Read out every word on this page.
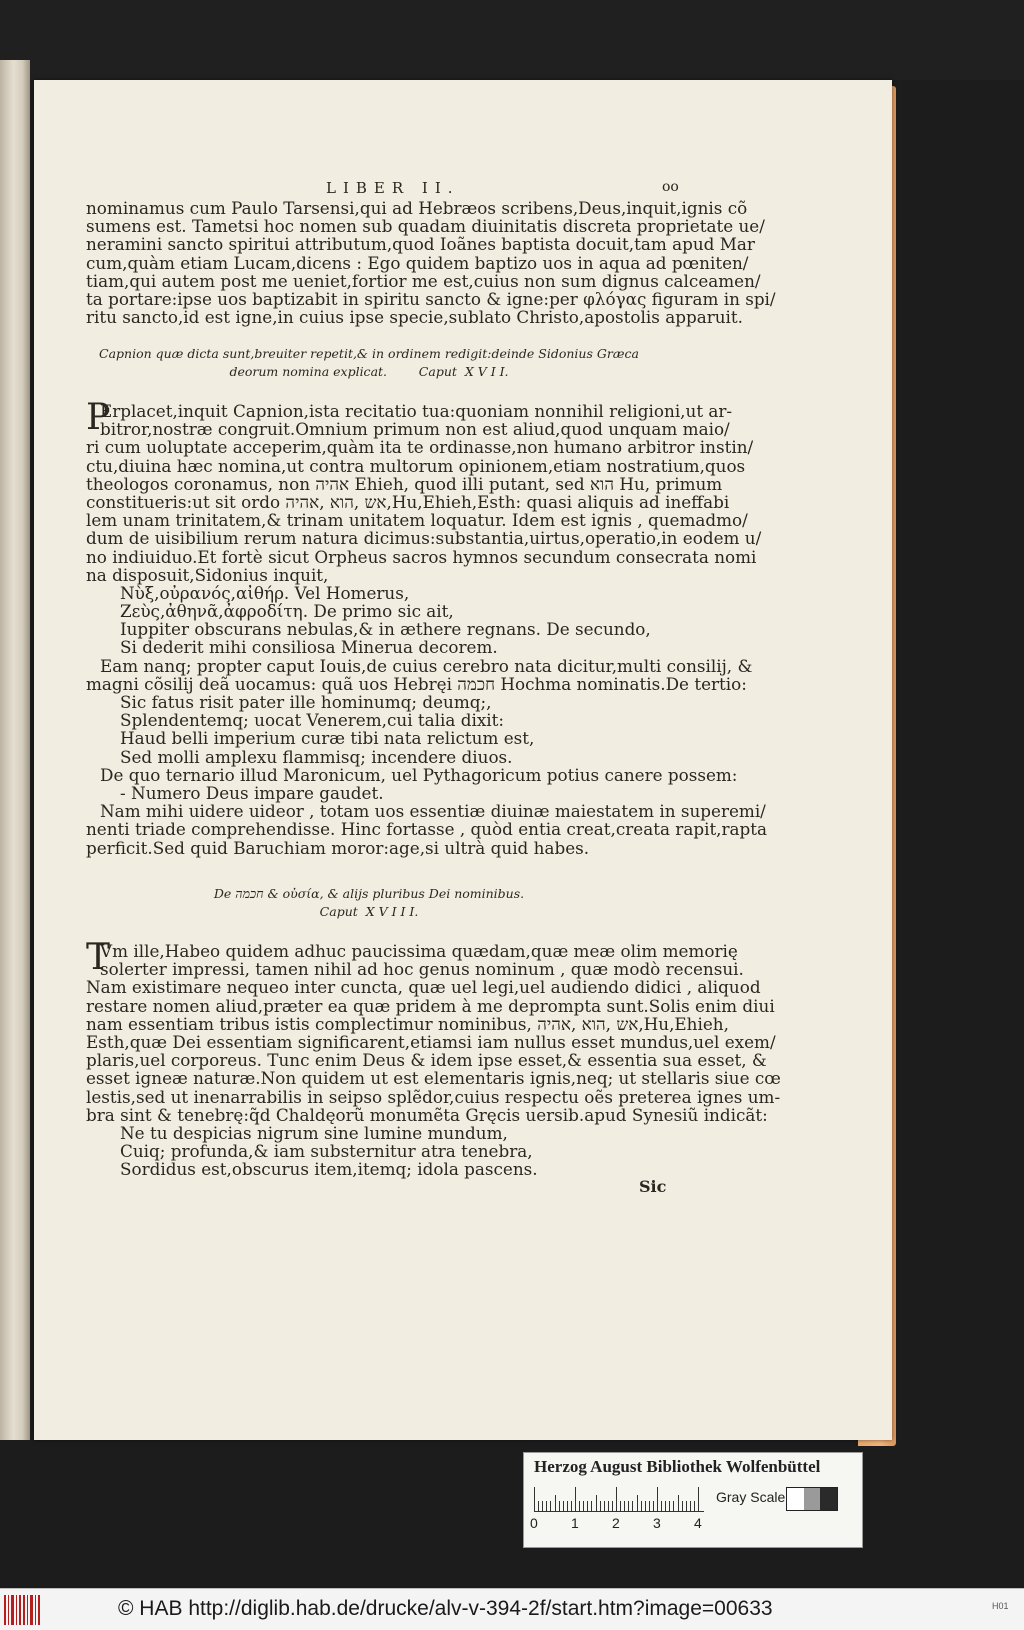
LIBER II.	oo
nominamus cum Paulo Tarsensi,qui ad Hebræos scribens,Deus,inquit,ignis cõ
sumens est. Tametsi hoc nomen sub quadam diuinitatis discreta proprietate ue/
neramini sancto spiritui attributum,quod Ioãnes baptista docuit,tam apud Mar
cum,quàm etiam Lucam,dicens : Ego quidem baptizo uos in aqua ad pœniten/
tiam,qui autem post me ueniet,fortior me est,cuius non sum dignus calceamen/
ta portare:ipse uos baptizabit in spiritu sancto & igne:per φλόγας figuram in spi/
ritu sancto,id est igne,in cuius ipse specie,sublato Christo,apostolis apparuit.
Capnion quæ dicta sunt,breuiter repetit,& in ordinem redigit:deinde Sidonius Græca
deorum nomina explicat.        Caput  X V I I.
P
Erplacet,inquit Capnion,ista recitatio tua:quoniam nonnihil religioni,ut ar-
bitror,nostræ congruit.Omnium primum non est aliud,quod unquam maio/
ri cum uoluptate acceperim,quàm ita te ordinasse,non humano arbitror instin/
ctu,diuina hæc nomina,ut contra multorum opinionem,etiam nostratium,quos
theologos coronamus, non אהיה Ehieh, quod illi putant, sed הוא Hu, primum
constitueris:ut sit ordo אש ,הוא ,אהיה,Hu,Ehieh,Esth: quasi aliquis ad ineffabi
lem unam trinitatem,& trinam unitatem loquatur. Idem est ignis , quemadmo/
dum de uisibilium rerum natura dicimus:substantia,uirtus,operatio,in eodem u/
no indiuiduo.Et fortè sicut Orpheus sacros hymnos secundum consecrata nomi
na disposuit,Sidonius inquit,
Νὺξ,οὐρανός,αἰθήρ. Vel Homerus,
Ζεὺς,ἀθηνᾶ,ἀφροδίτη. De primo sic ait,
Iuppiter obscurans nebulas,& in æthere regnans. De secundo,
Si dederit mihi consiliosa Minerua decorem.
Eam nanq; propter caput Iouis,de cuius cerebro nata dicitur,multi consilij, &
magni cõsilij deã uocamus: quã uos Hebręi חכמה Hochma nominatis.De tertio:
Sic fatus risit pater ille hominumq; deumq;,
Splendentemq; uocat Venerem,cui talia dixit:
Haud belli imperium curæ tibi nata relictum est,
Sed molli amplexu flammisq; incendere diuos.
De quo ternario illud Maronicum, uel Pythagoricum potius canere possem:
- Numero Deus impare gaudet.
Nam mihi uidere uideor , totam uos essentiæ diuinæ maiestatem in superemi/
nenti triade comprehendisse. Hinc fortasse , quòd entia creat,creata rapit,rapta
perficit.Sed quid Baruchiam moror:age,si ultrà quid habes.
De חכמה & οὐσία, & alijs pluribus Dei nominibus.
Caput  X V I I I.
T
Vm ille,Habeo quidem adhuc paucissima quædam,quæ meæ olim memorię
solerter impressi, tamen nihil ad hoc genus nominum , quæ modò recensui.
Nam existimare nequeo inter cuncta, quæ uel legi,uel audiendo didici , aliquod
restare nomen aliud,præter ea quæ pridem à me deprompta sunt.Solis enim diui
nam essentiam tribus istis complectimur nominibus, אש ,הוא ,אהיה,Hu,Ehieh,
Esth,quæ Dei essentiam significarent,etiamsi iam nullus esset mundus,uel exem/
plaris,uel corporeus. Tunc enim Deus & idem ipse esset,& essentia sua esset, &
esset igneæ naturæ.Non quidem ut est elementaris ignis,neq; ut stellaris siue cœ
lestis,sed ut inenarrabilis in seipso splẽdor,cuius respectu oẽs preterea ignes um-
bra sint & tenebrę:q̃d Chaldęorũ monumẽta Gręcis uersib.apud Synesiũ indicãt:
Ne tu despicias nigrum sine lumine mundum,
Cuiq; profunda,& iam substernitur atra tenebra,
Sordidus est,obscurus item,itemq; idola pascens.
Sic
Herzog August Bibliothek Wolfenbüttel
0 1 2 3 4
Gray Scale
© HAB http://diglib.hab.de/drucke/alv-v-394-2f/start.htm?image=00633	H01
